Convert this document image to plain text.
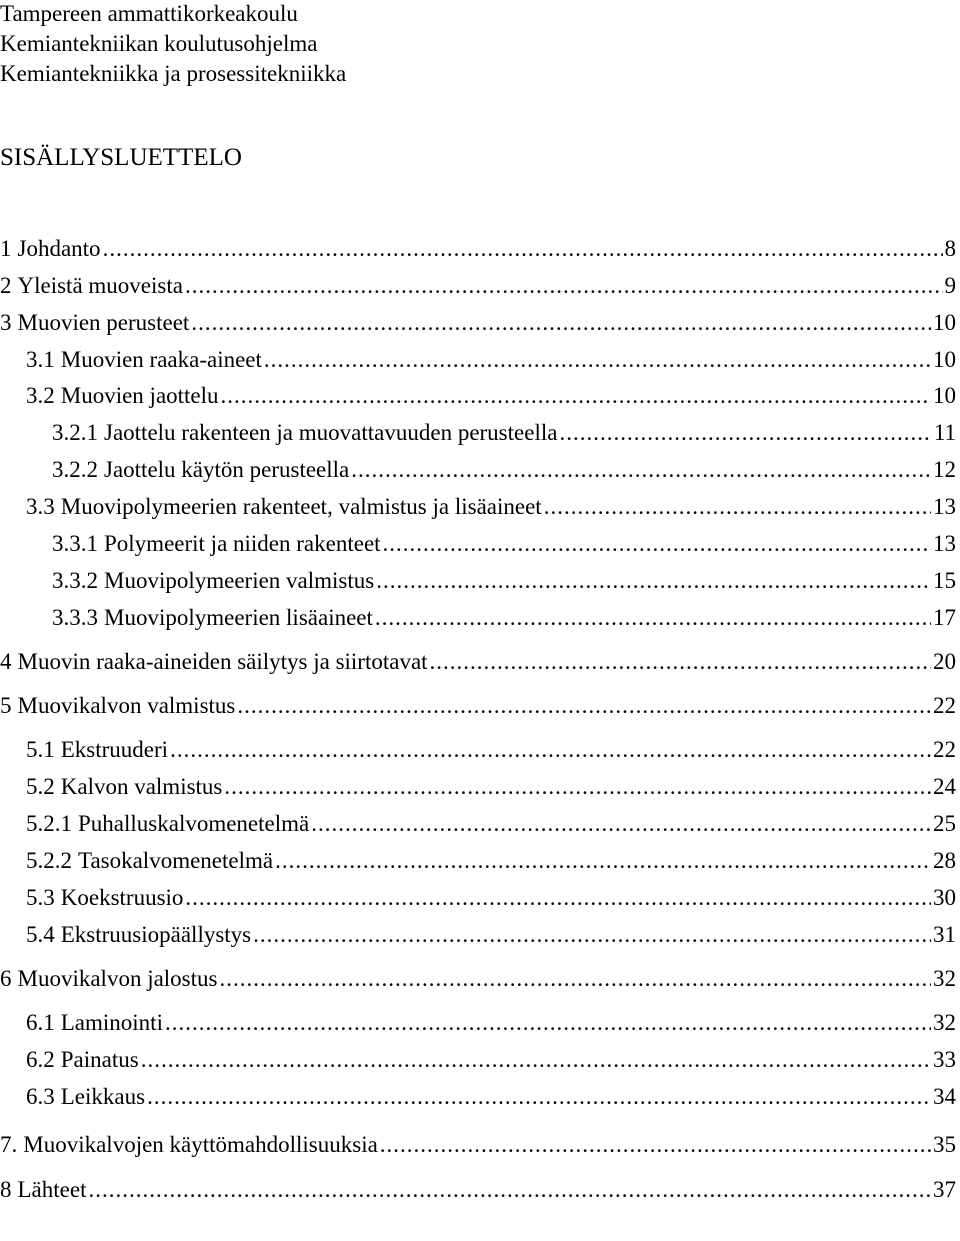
Tampereen ammattikorkeakoulu
Kemiantekniikan koulutusohjelma
Kemiantekniikka ja prosessitekniikka
SISÄLLYSLUETTELO
1 Johdanto .....	8
2 Yleistä muoveista .....	9
3 Muovien perusteet .....	10
3.1 Muovien raaka-aineet .....	10
3.2 Muovien jaottelu .....	10
3.2.1 Jaottelu rakenteen ja muovattavuuden perusteella .....	11
3.2.2 Jaottelu käytön perusteella .....	12
3.3 Muovipolymeerien rakenteet, valmistus ja lisäaineet .....	13
3.3.1 Polymeerit ja niiden rakenteet .....	13
3.3.2 Muovipolymeerien valmistus .....	15
3.3.3 Muovipolymeerien lisäaineet .....	17
4 Muovin raaka-aineiden säilytys ja siirtotavat .....	20
5 Muovikalvon valmistus .....	22
5.1 Ekstruuderi .....	22
5.2 Kalvon valmistus .....	24
5.2.1 Puhalluskalvomenetelmä .....	25
5.2.2 Tasokalvomenetelmä .....	28
5.3 Koekstruusio .....	30
5.4 Ekstruusiopäällystys .....	31
6 Muovikalvon jalostus .....	32
6.1 Laminointi .....	32
6.2 Painatus .....	33
6.3 Leikkaus .....	34
7. Muovikalvojen käyttömahdollisuuksia .....	35
8 Lähteet .....	37
